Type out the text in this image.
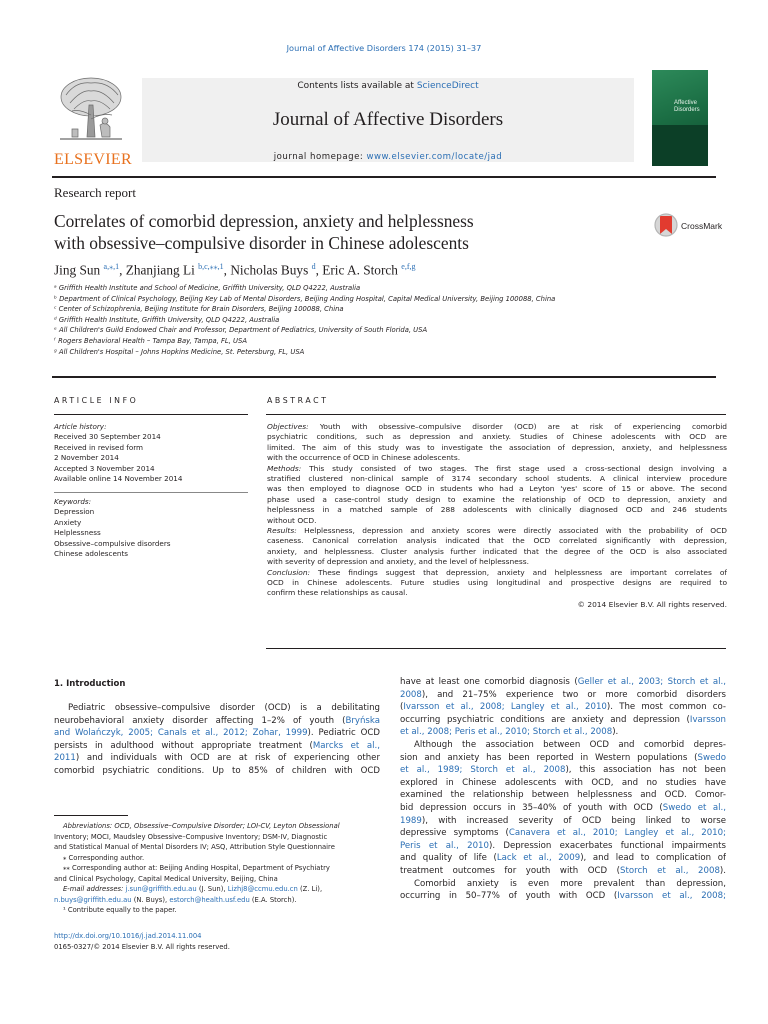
Journal of Affective Disorders 174 (2015) 31–37
ELSEVIER
Contents lists available at ScienceDirect
Journal of Affective Disorders
journal homepage: www.elsevier.com/locate/jad
Affective
Disorders
Research report
Correlates of comorbid depression, anxiety and helplessness
with obsessive–compulsive disorder in Chinese adolescents
CrossMark
Jing Sun $^{a,⁎,1}$, Zhanjiang Li $^{b,c,⁎⁎,1}$, Nicholas Buys $^d$, Eric A. Storch $^{e,f,g}$
ᵃ Griffith Health Institute and School of Medicine, Griffith University, QLD Q4222, Australia
ᵇ Department of Clinical Psychology, Beijing Key Lab of Mental Disorders, Beijing Anding Hospital, Capital Medical University, Beijing 100088, China
ᶜ Center of Schizophrenia, Beijing Institute for Brain Disorders, Beijing 100088, China
ᵈ Griffith Health Institute, Griffith University, QLD Q4222, Australia
ᵉ All Children's Guild Endowed Chair and Professor, Department of Pediatrics, University of South Florida, USA
ᶠ Rogers Behavioral Health – Tampa Bay, Tampa, FL, USA
ᵍ All Children's Hospital – Johns Hopkins Medicine, St. Petersburg, FL, USA
ARTICLE INFO
Article history:
Received 30 September 2014
Received in revised form
2 November 2014
Accepted 3 November 2014
Available online 14 November 2014
Keywords:
Depression
Anxiety
Helplessness
Obsessive–compulsive disorders
Chinese adolescents
ABSTRACT
Objectives: Youth with obsessive–compulsive disorder (OCD) are at risk of experiencing comorbid
psychiatric conditions, such as depression and anxiety. Studies of Chinese adolescents with OCD are
limited. The aim of this study was to investigate the association of depression, anxiety, and helplessness
with the occurrence of OCD in Chinese adolescents.
Methods: This study consisted of two stages. The first stage used a cross-sectional design involving a
stratified clustered non-clinical sample of 3174 secondary school students. A clinical interview procedure
was then employed to diagnose OCD in students who had a Leyton 'yes' score of 15 or above. The second
phase used a case-control study design to examine the relationship of OCD to depression, anxiety and
helplessness in a matched sample of 288 adolescents with clinically diagnosed OCD and 246 students
without OCD.
Results: Helplessness, depression and anxiety scores were directly associated with the probability of OCD
caseness. Canonical correlation analysis indicated that the OCD correlated significantly with depression,
anxiety, and helplessness. Cluster analysis further indicated that the degree of the OCD is also associated
with severity of depression and anxiety, and the level of helplessness.
Conclusion: These findings suggest that depression, anxiety and helplessness are important correlates of
OCD in Chinese adolescents. Future studies using longitudinal and prospective designs are required to
confirm these relationships as causal.
© 2014 Elsevier B.V. All rights reserved.
1. Introduction
Pediatric obsessive–compulsive disorder (OCD) is a debilitating
neurobehavioral anxiety disorder affecting 1–2% of youth (Bryńska
and Wolańczyk, 2005; Canals et al., 2012; Zohar, 1999). Pediatric OCD
persists in adulthood without appropriate treatment (Marcks et al.,
2011) and individuals with OCD are at risk of experiencing other
comorbid psychiatric conditions. Up to 85% of children with OCD
have at least one comorbid diagnosis (Geller et al., 2003; Storch et al.,
2008), and 21–75% experience two or more comorbid disorders
(Ivarsson et al., 2008; Langley et al., 2010). The most common co-
occurring psychiatric conditions are anxiety and depression (Ivarsson
et al., 2008; Peris et al., 2010; Storch et al., 2008).
Although the association between OCD and comorbid depres-
sion and anxiety has been reported in Western populations (Swedo
et al., 1989; Storch et al., 2008), this association has not been
explored in Chinese adolescents with OCD, and no studies have
examined the relationship between helplessness and OCD. Comor-
bid depression occurs in 35–40% of youth with OCD (Swedo et al.,
1989), with increased severity of OCD being linked to worse
depressive symptoms (Canavera et al., 2010; Langley et al., 2010;
Peris et al., 2010). Depression exacerbates functional impairments
and quality of life (Lack et al., 2009), and lead to complication of
treatment outcomes for youth with OCD (Storch et al., 2008).
Comorbid anxiety is even more prevalent than depression,
occurring in 50–77% of youth with OCD (Ivarsson et al., 2008;
Abbreviations: OCD, Obsessive–Compulsive Disorder; LOI-CV, Leyton Obsessional
Inventory; MOCI, Maudsley Obsessive–Compusive Inventory; DSM-IV, Diagnostic
and Statistical Manual of Mental Disorders IV; ASQ, Attribution Style Questionnaire
⁎ Corresponding author.
⁎⁎ Corresponding author at: Beijing Anding Hospital, Department of Psychiatry
and Clinical Psychology, Capital Medical University, Beijing, China
E-mail addresses: j.sun@griffith.edu.au (J. Sun), Lizhj8@ccmu.edu.cn (Z. Li),
n.buys@griffith.edu.au (N. Buys), estorch@health.usf.edu (E.A. Storch).
¹ Contribute equally to the paper.
http://dx.doi.org/10.1016/j.jad.2014.11.004
0165-0327/© 2014 Elsevier B.V. All rights reserved.
